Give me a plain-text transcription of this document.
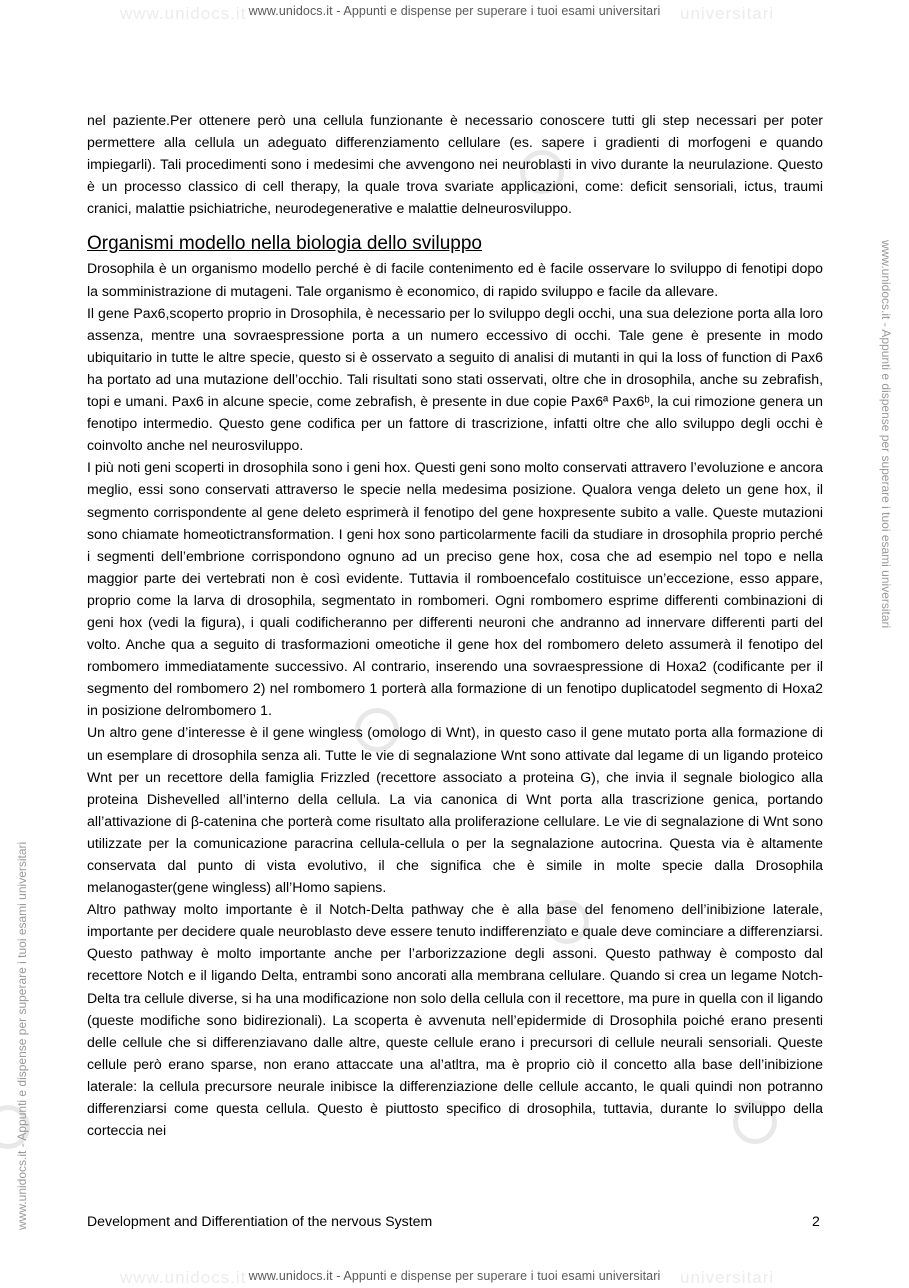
www.unidocs.it	universitari
www.unidocs.it	universitari
www.unidocs.it - Appunti e dispense per superare i tuoi esami universitari
www.unidocs.it - Appunti e dispense per superare i tuoi esami universitari
www.unidocs.it - Appunti e dispense per superare i tuoi esami universitari
www.unidocs.it - Appunti e dispense per superare i tuoi esami universitari

nel paziente.Per ottenere però una cellula funzionante è necessario conoscere tutti gli step necessari per poter permettere alla cellula un adeguato differenziamento cellulare (es. sapere i gradienti di morfogeni e quando impiegarli). Tali procedimenti sono i medesimi che avvengono nei neuroblasti in vivo durante la neurulazione. Questo è un processo classico di cell therapy, la quale trova svariate applicazioni, come: deficit sensoriali, ictus, traumi cranici, malattie psichiatriche, neurodegenerative e malattie delneurosviluppo.

Organismi modello nella biologia dello sviluppo

Drosophila è un organismo modello perché è di facile contenimento ed è facile osservare lo sviluppo di fenotipi dopo la somministrazione di mutageni. Tale organismo è economico, di rapido sviluppo e facile da allevare.

Il gene Pax6,scoperto proprio in Drosophila, è necessario per lo sviluppo degli occhi, una sua delezione porta alla loro assenza, mentre una sovraespressione porta a un numero eccessivo di occhi. Tale gene è presente in modo ubiquitario in tutte le altre specie, questo si è osservato a seguito di analisi di mutanti in qui la loss of function di Pax6 ha portato ad una mutazione dell’occhio. Tali risultati sono stati osservati, oltre che in drosophila, anche su zebrafish, topi e umani. Pax6 in alcune specie, come zebrafish, è presente in due copie Pax6ª Pax6ᵇ, la cui rimozione genera un fenotipo intermedio. Questo gene codifica per un fattore di trascrizione, infatti oltre che allo sviluppo degli occhi è coinvolto anche nel neurosviluppo.

I più noti geni scoperti in drosophila sono i geni hox. Questi geni sono molto conservati attravero l’evoluzione e ancora meglio, essi sono conservati attraverso le specie nella medesima posizione. Qualora venga deleto un gene hox, il segmento corrispondente al gene deleto esprimerà il fenotipo del gene hoxpresente subito a valle. Queste mutazioni sono chiamate homeotictransformation. I geni hox sono particolarmente facili da studiare in drosophila proprio perché i segmenti dell’embrione corrispondono ognuno ad un preciso gene hox, cosa che ad esempio nel topo e nella maggior parte dei vertebrati non è così evidente. Tuttavia il romboencefalo costituisce un’eccezione, esso appare, proprio come la larva di drosophila, segmentato in rombomeri. Ogni rombomero esprime differenti combinazioni di geni hox (vedi la figura), i quali codificheranno per differenti neuroni che andranno ad innervare differenti parti del volto. Anche qua a seguito di trasformazioni omeotiche il gene hox del rombomero deleto assumerà il fenotipo del rombomero immediatamente successivo. Al contrario, inserendo una sovraespressione di Hoxa2 (codificante per il segmento del rombomero 2) nel rombomero 1 porterà alla formazione di un fenotipo duplicatodel segmento di Hoxa2 in posizione delrombomero 1.

Un altro gene d’interesse è il gene wingless (omologo di Wnt), in questo caso il gene mutato porta alla formazione di un esemplare di drosophila senza ali. Tutte le vie di segnalazione Wnt sono attivate dal legame di un ligando proteico Wnt per un recettore della famiglia Frizzled (recettore associato a proteina G), che invia il segnale biologico alla proteina Dishevelled all’interno della cellula. La via canonica di Wnt porta alla trascrizione genica, portando all’attivazione di β-catenina che porterà come risultato alla proliferazione cellulare. Le vie di segnalazione di Wnt sono utilizzate per la comunicazione paracrina cellula-cellula o per la segnalazione autocrina. Questa via è altamente conservata dal punto di vista evolutivo, il che significa che è simile in molte specie dalla Drosophila melanogaster(gene wingless) all’Homo sapiens.

Altro pathway molto importante è il Notch-Delta pathway che è alla base del fenomeno dell’inibizione laterale, importante per decidere quale neuroblasto deve essere tenuto indifferenziato e quale deve cominciare a differenziarsi. Questo pathway è molto importante anche per l’arborizzazione degli assoni. Questo pathway è composto dal recettore Notch e il ligando Delta, entrambi sono ancorati alla membrana cellulare. Quando si crea un legame Notch-Delta tra cellule diverse, si ha una modificazione non solo della cellula con il recettore, ma pure in quella con il ligando (queste modifiche sono bidirezionali). La scoperta è avvenuta nell’epidermide di Drosophila poiché erano presenti delle cellule che si differenziavano dalle altre, queste cellule erano i precursori di cellule neurali sensoriali. Queste cellule però erano sparse, non erano attaccate una al’atltra, ma è proprio ciò il concetto alla base dell’inibizione laterale: la cellula precursore neurale inibisce la differenziazione delle cellule accanto, le quali quindi non potranno differenziarsi come questa cellula. Questo è piuttosto specifico di drosophila, tuttavia, durante lo sviluppo della corteccia nei

Development and Differentiation of the nervous System	2
